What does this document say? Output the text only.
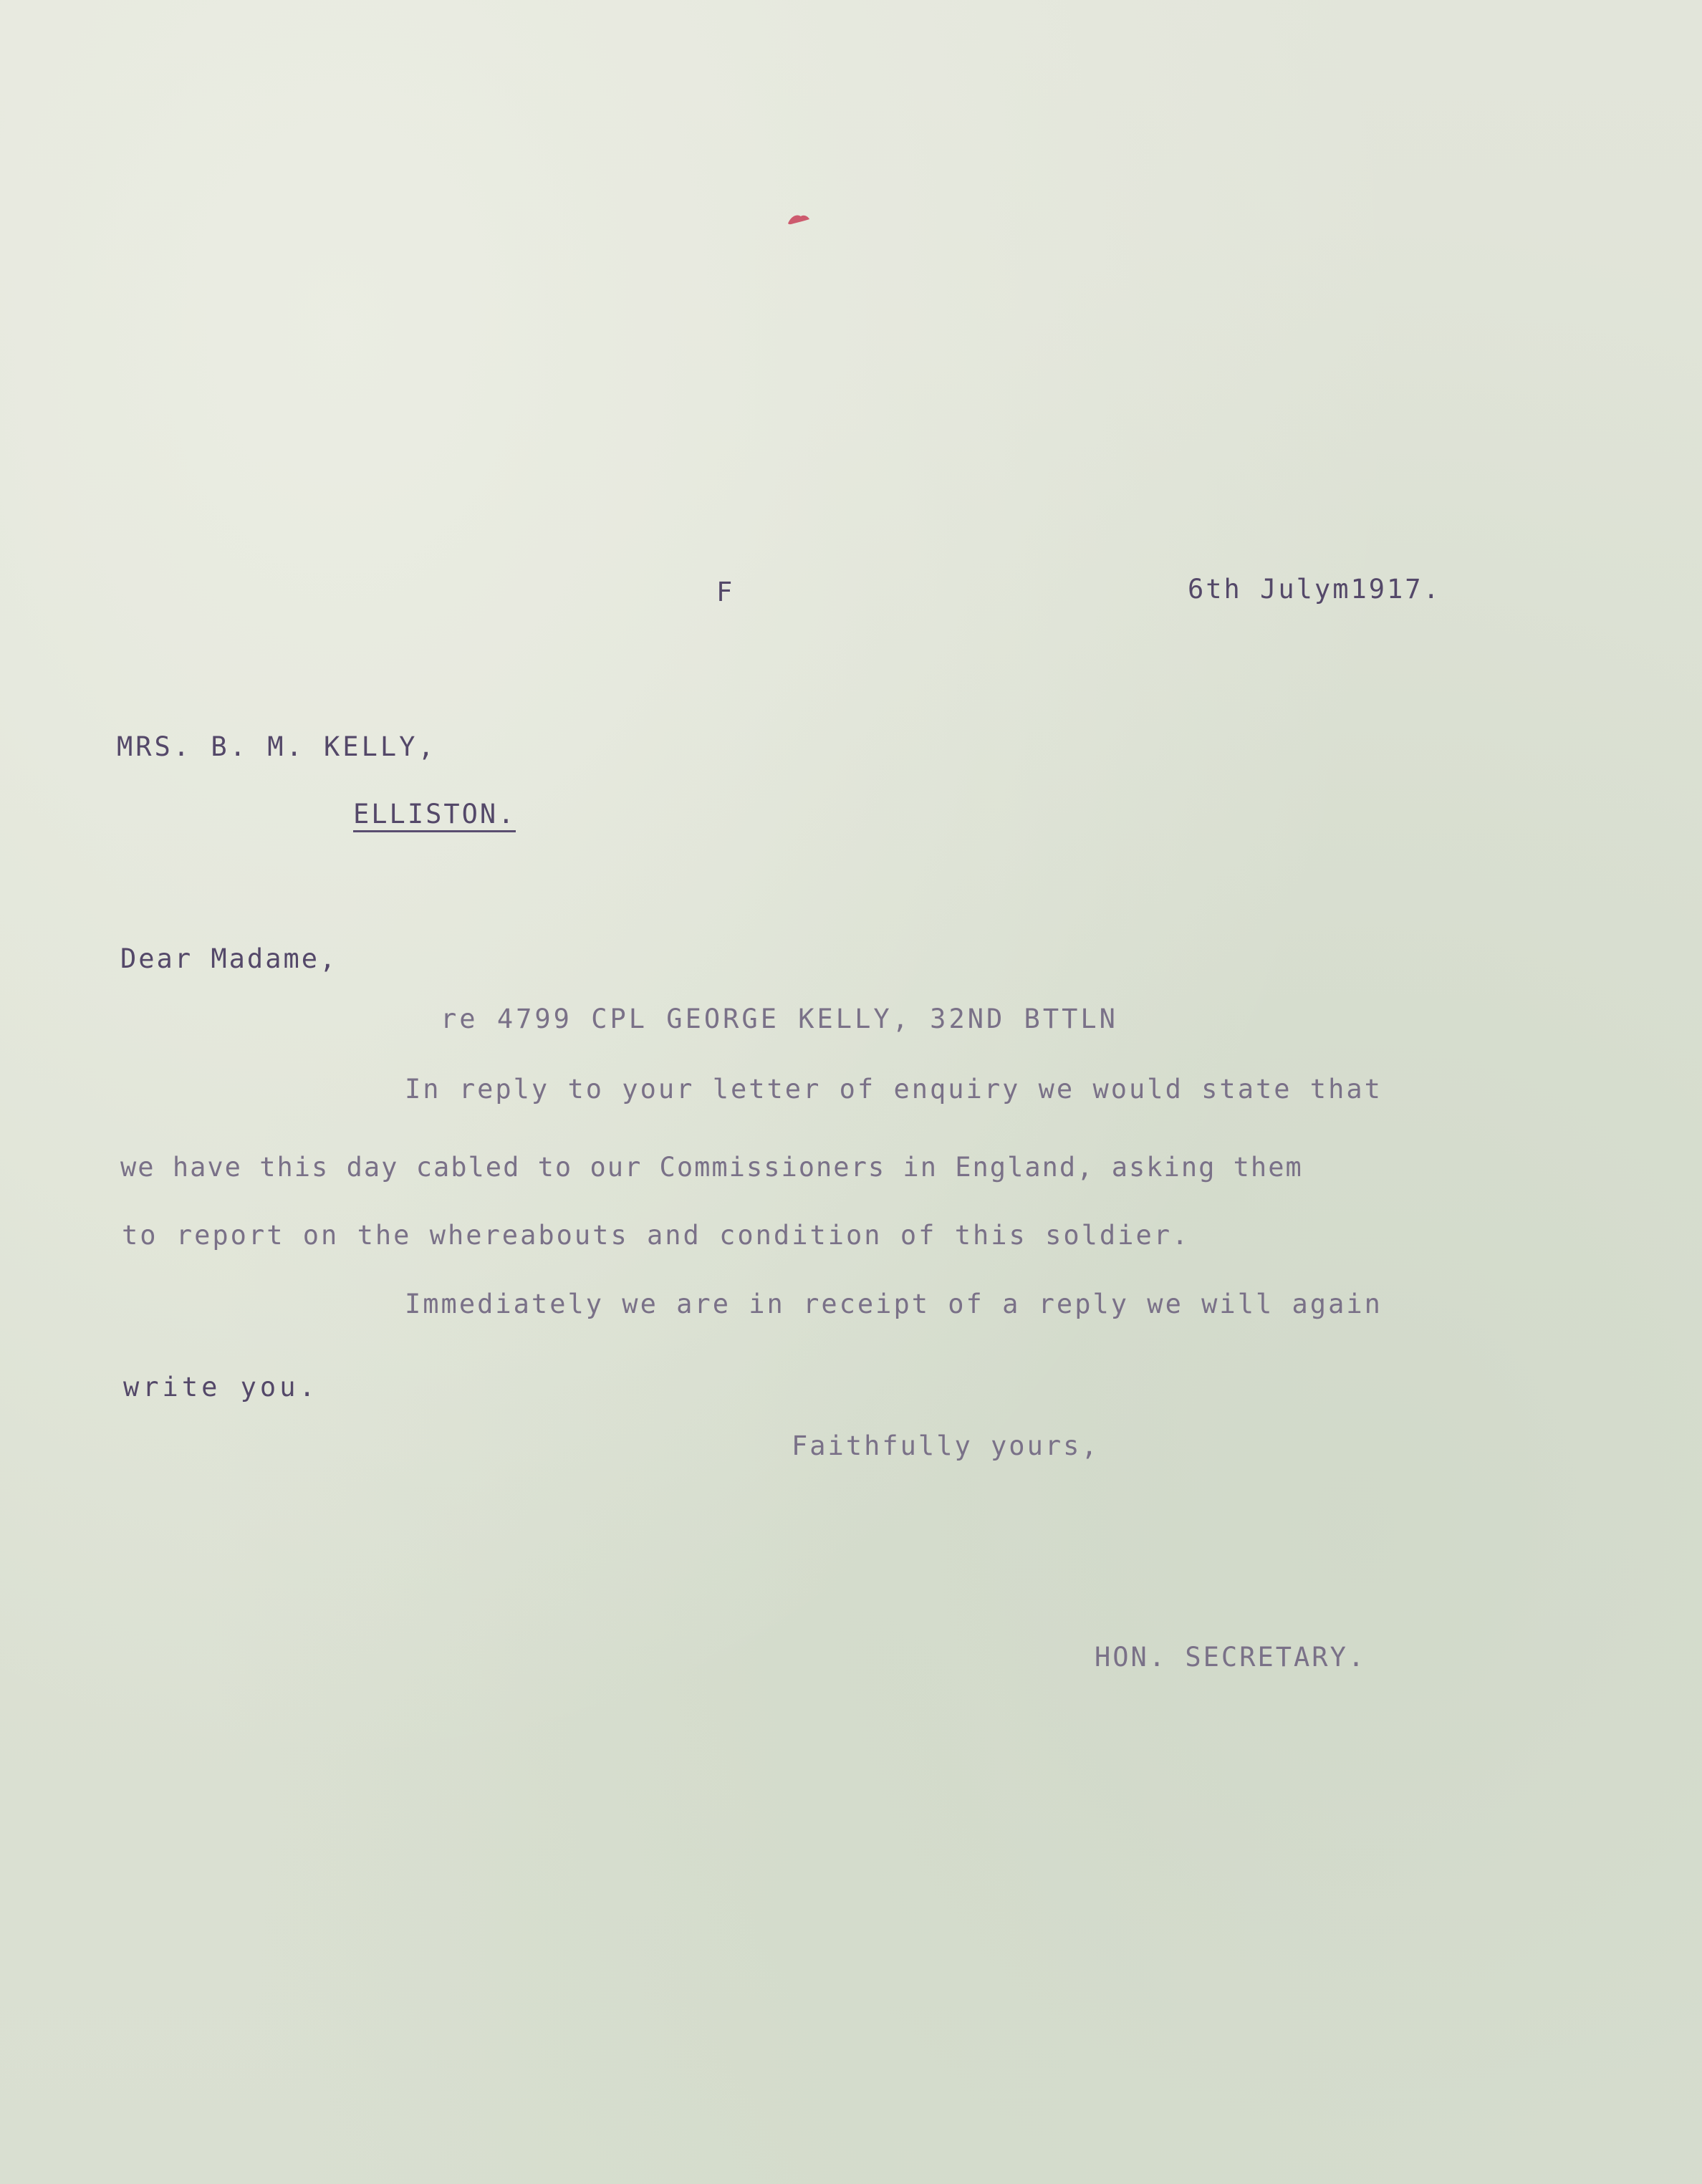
F	6th Julym1917.
MRS. B. M. KELLY,
ELLISTON.
Dear Madame,
re 4799 CPL GEORGE KELLY, 32ND BTTLN
In reply to your letter of enquiry we would state that
we have this day cabled to our Commissioners in England, asking them
to report on the whereabouts and condition of this soldier.
Immediately we are in receipt of a reply we will again
write you.
Faithfully yours,
HON. SECRETARY.
